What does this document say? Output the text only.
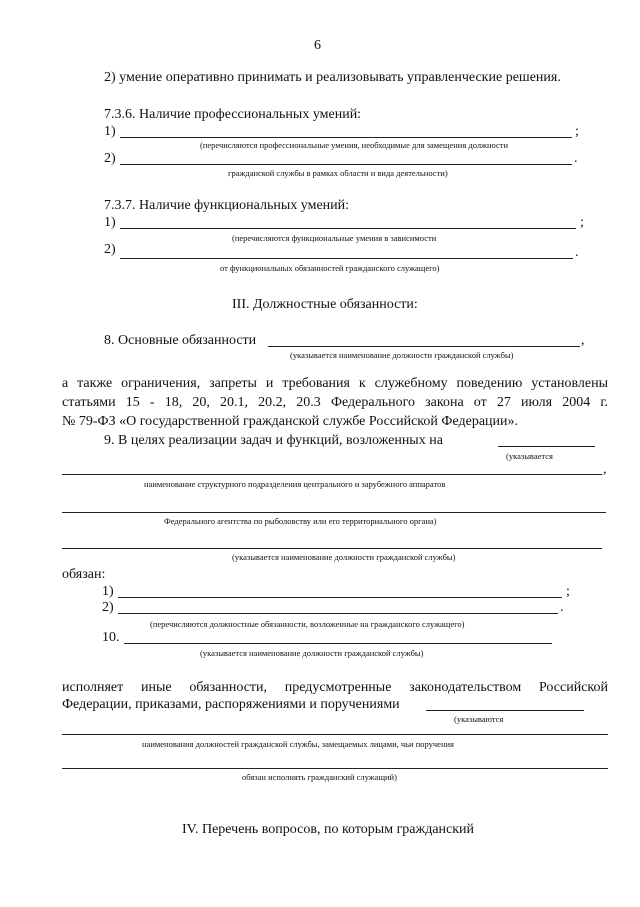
6
2) умение оперативно принимать и реализовывать управленческие решения.
7.3.6. Наличие профессиональных умений:
1)	;
(перечисляются профессиональные умения, необходимые для замещения должности
2)	.
гражданской службы в рамках области и вида деятельности)
7.3.7. Наличие функциональных умений:
1)	;
(перечисляются функциональные умения в зависимости
2)	.
от функциональных обязанностей гражданского служащего)
III. Должностные обязанности:
8. Основные обязанности	,
(указывается наименование должности гражданской службы)
а также ограничения, запреты и требования к служебному поведению установлены
статьями 15 - 18, 20, 20.1, 20.2, 20.3 Федерального закона от 27 июля 2004 г.
№ 79-ФЗ «О государственной гражданской службе Российской Федерации».
9. В целях реализации задач и функций, возложенных на
(указывается
,
наименование структурного подразделения центрального и зарубежного аппаратов
Федерального агентства по рыболовству или его территориального органа)
(указывается наименование должности гражданской службы)
обязан:
1)	;
2)	.
(перечисляются должностные обязанности, возложенные на гражданского служащего)
10.
(указывается наименование должности гражданской службы)
исполняет иные обязанности, предусмотренные законодательством Российской
Федерации, приказами, распоряжениями и поручениями
(указываются
наименования должностей гражданской службы, замещаемых лицами, чьи поручения
обязан исполнять гражданский служащий)
IV. Перечень вопросов, по которым гражданский
